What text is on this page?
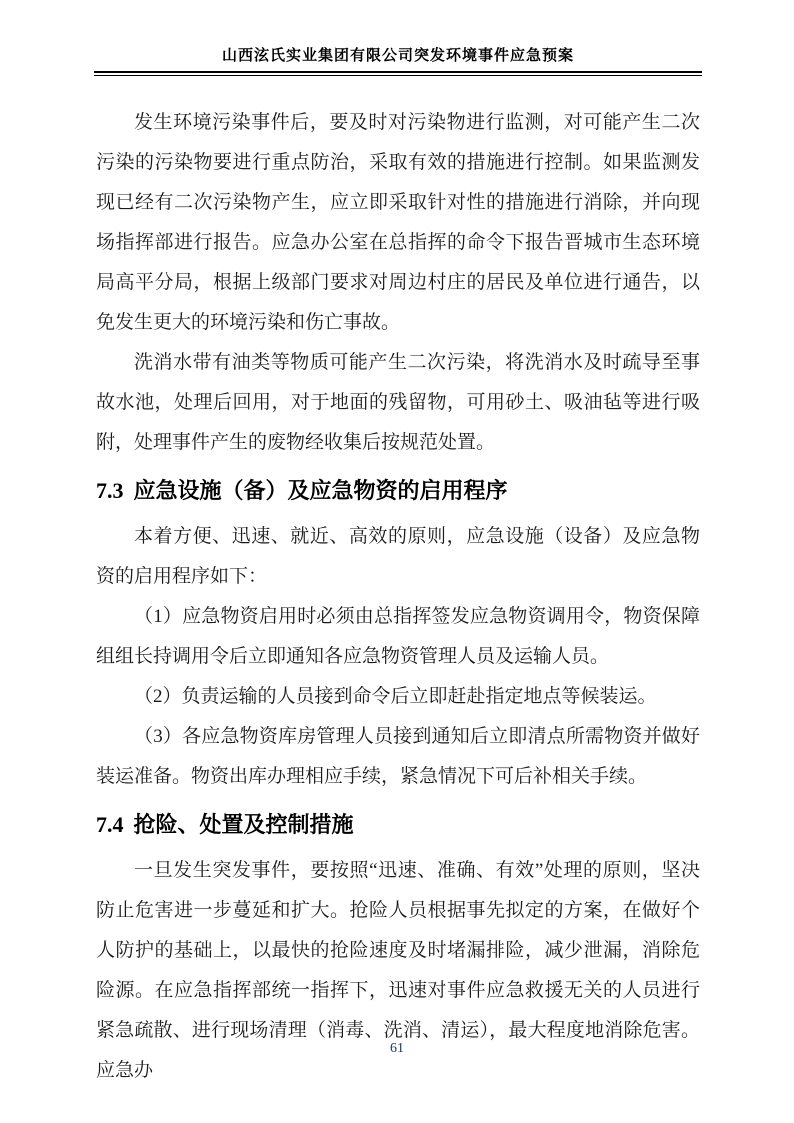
山西泫氏实业集团有限公司突发环境事件应急预案

发生环境污染事件后，要及时对污染物进行监测，对可能产生二次污染的污染物要进行重点防治，采取有效的措施进行控制。如果监测发现已经有二次污染物产生，应立即采取针对性的措施进行消除，并向现场指挥部进行报告。应急办公室在总指挥的命令下报告晋城市生态环境局高平分局，根据上级部门要求对周边村庄的居民及单位进行通告，以免发生更大的环境污染和伤亡事故。

洗消水带有油类等物质可能产生二次污染，将洗消水及时疏导至事故水池，处理后回用，对于地面的残留物，可用砂土、吸油毡等进行吸附，处理事件产生的废物经收集后按规范处置。

7.3 应急设施（备）及应急物资的启用程序

本着方便、迅速、就近、高效的原则，应急设施（设备）及应急物资的启用程序如下：

（1）应急物资启用时必须由总指挥签发应急物资调用令，物资保障组组长持调用令后立即通知各应急物资管理人员及运输人员。

（2）负责运输的人员接到命令后立即赶赴指定地点等候装运。

（3）各应急物资库房管理人员接到通知后立即清点所需物资并做好装运准备。物资出库办理相应手续，紧急情况下可后补相关手续。

7.4 抢险、处置及控制措施

一旦发生突发事件，要按照“迅速、准确、有效”处理的原则，坚决防止危害进一步蔓延和扩大。抢险人员根据事先拟定的方案，在做好个人防护的基础上，以最快的抢险速度及时堵漏排险，减少泄漏，消除危险源。在应急指挥部统一指挥下，迅速对事件应急救援无关的人员进行紧急疏散、进行现场清理（消毒、洗消、清运），最大程度地消除危害。应急办

61
